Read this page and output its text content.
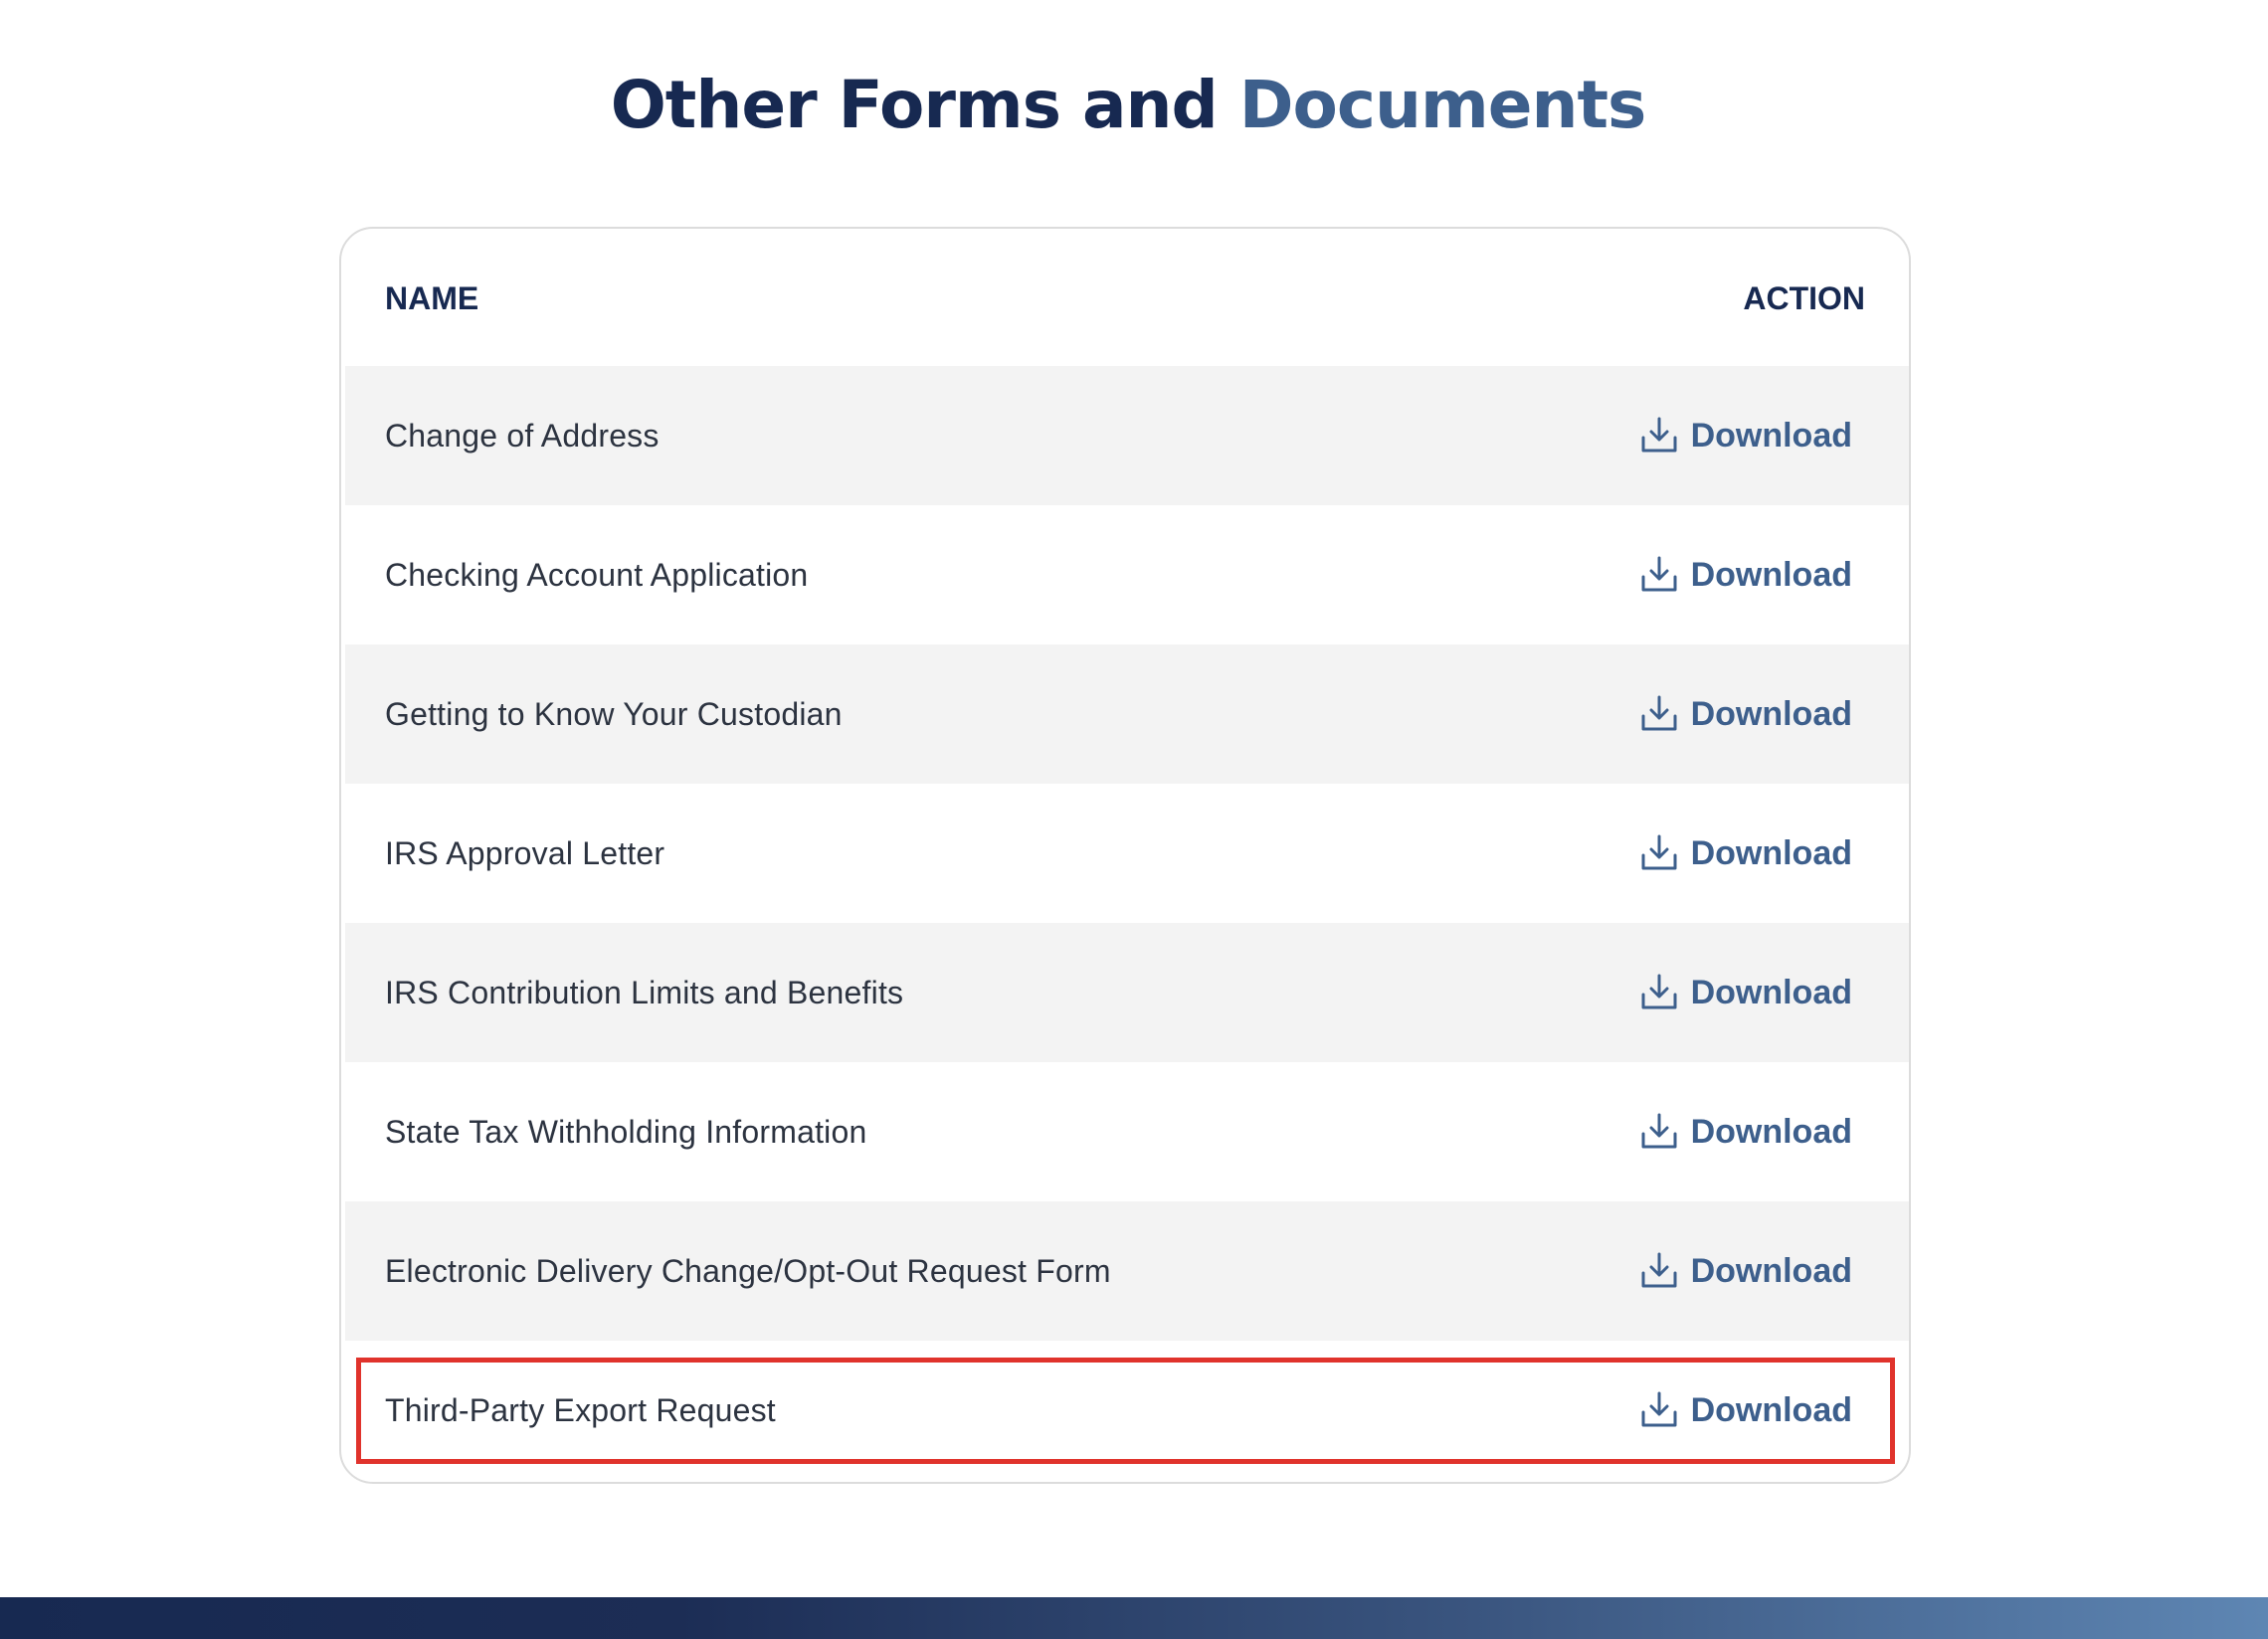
Other Forms and Documents
NAME	ACTION
Change of Address	Download
Checking Account Application	Download
Getting to Know Your Custodian	Download
IRS Approval Letter	Download
IRS Contribution Limits and Benefits	Download
State Tax Withholding Information	Download
Electronic Delivery Change/Opt-Out Request Form	Download
Third-Party Export Request	Download
